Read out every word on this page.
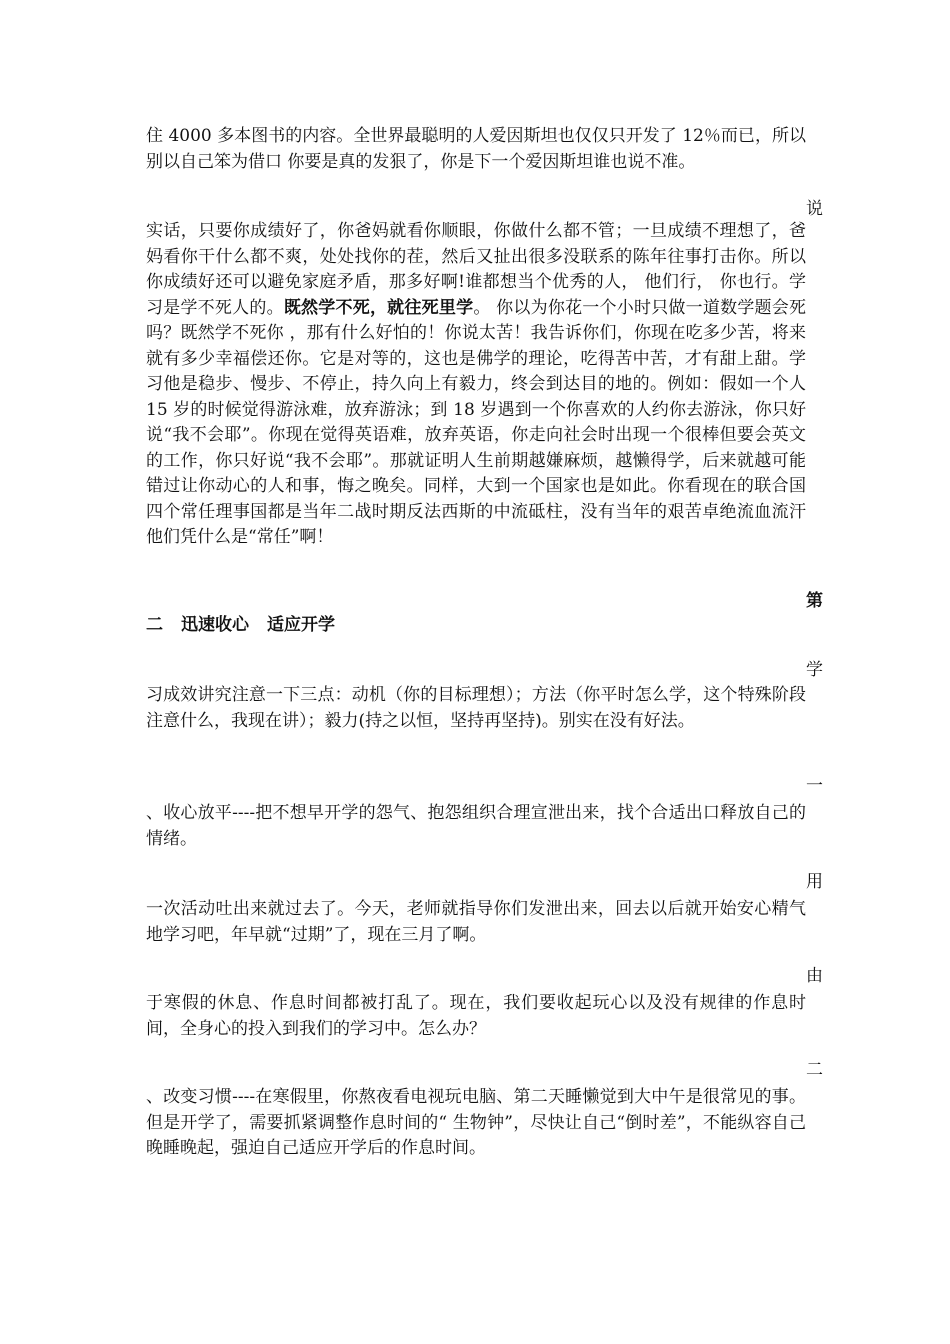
住 4000 多本图书的内容。全世界最聪明的人爱因斯坦也仅仅只开发了 12％而已，所以别以自己笨为借口 你要是真的发狠了，你是下一个爱因斯坦谁也说不准。

说

实话，只要你成绩好了，你爸妈就看你顺眼，你做什么都不管；一旦成绩不理想了，爸妈看你干什么都不爽，处处找你的茬，然后又扯出很多没联系的陈年往事打击你。所以你成绩好还可以避免家庭矛盾，那多好啊!谁都想当个优秀的人， 他们行， 你也行。学习是学不死人的。既然学不死，就往死里学。 你以为你花一个小时只做一道数学题会死吗？既然学不死你 ，那有什么好怕的！你说太苦！我告诉你们，你现在吃多少苦，将来就有多少幸福偿还你。它是对等的，这也是佛学的理论，吃得苦中苦，才有甜上甜。学习他是稳步、慢步、不停止，持久向上有毅力，终会到达目的地的。例如：假如一个人 15 岁的时候觉得游泳难，放弃游泳；到 18 岁遇到一个你喜欢的人约你去游泳，你只好说“我不会耶”。你现在觉得英语难，放弃英语，你走向社会时出现一个很棒但要会英文的工作，你只好说“我不会耶”。那就证明人生前期越嫌麻烦，越懒得学，后来就越可能错过让你动心的人和事，悔之晚矣。同样，大到一个国家也是如此。你看现在的联合国四个常任理事国都是当年二战时期反法西斯的中流砥柱，没有当年的艰苦卓绝流血流汗他们凭什么是“常任”啊！

第
二 迅速收心 适应开学
学

习成效讲究注意一下三点：动机（你的目标理想）；方法（你平时怎么学，这个特殊阶段注意什么，我现在讲）；毅力(持之以恒，坚持再坚持)。别实在没有好法。

一

、收心放平----把不想早开学的怨气、抱怨组织合理宣泄出来，找个合适出口释放自己的情绪。

用

一次活动吐出来就过去了。今天，老师就指导你们发泄出来，回去以后就开始安心精气地学习吧，年早就“过期”了，现在三月了啊。

由

于寒假的休息、作息时间都被打乱了。现在，我们要收起玩心以及没有规律的作息时间，全身心的投入到我们的学习中。怎么办？

二

、改变习惯----在寒假里，你熬夜看电视玩电脑、第二天睡懒觉到大中午是很常见的事。但是开学了，需要抓紧调整作息时间的“ 生物钟”，尽快让自己“倒时差”，不能纵容自己晚睡晚起，强迫自己适应开学后的作息时间。
